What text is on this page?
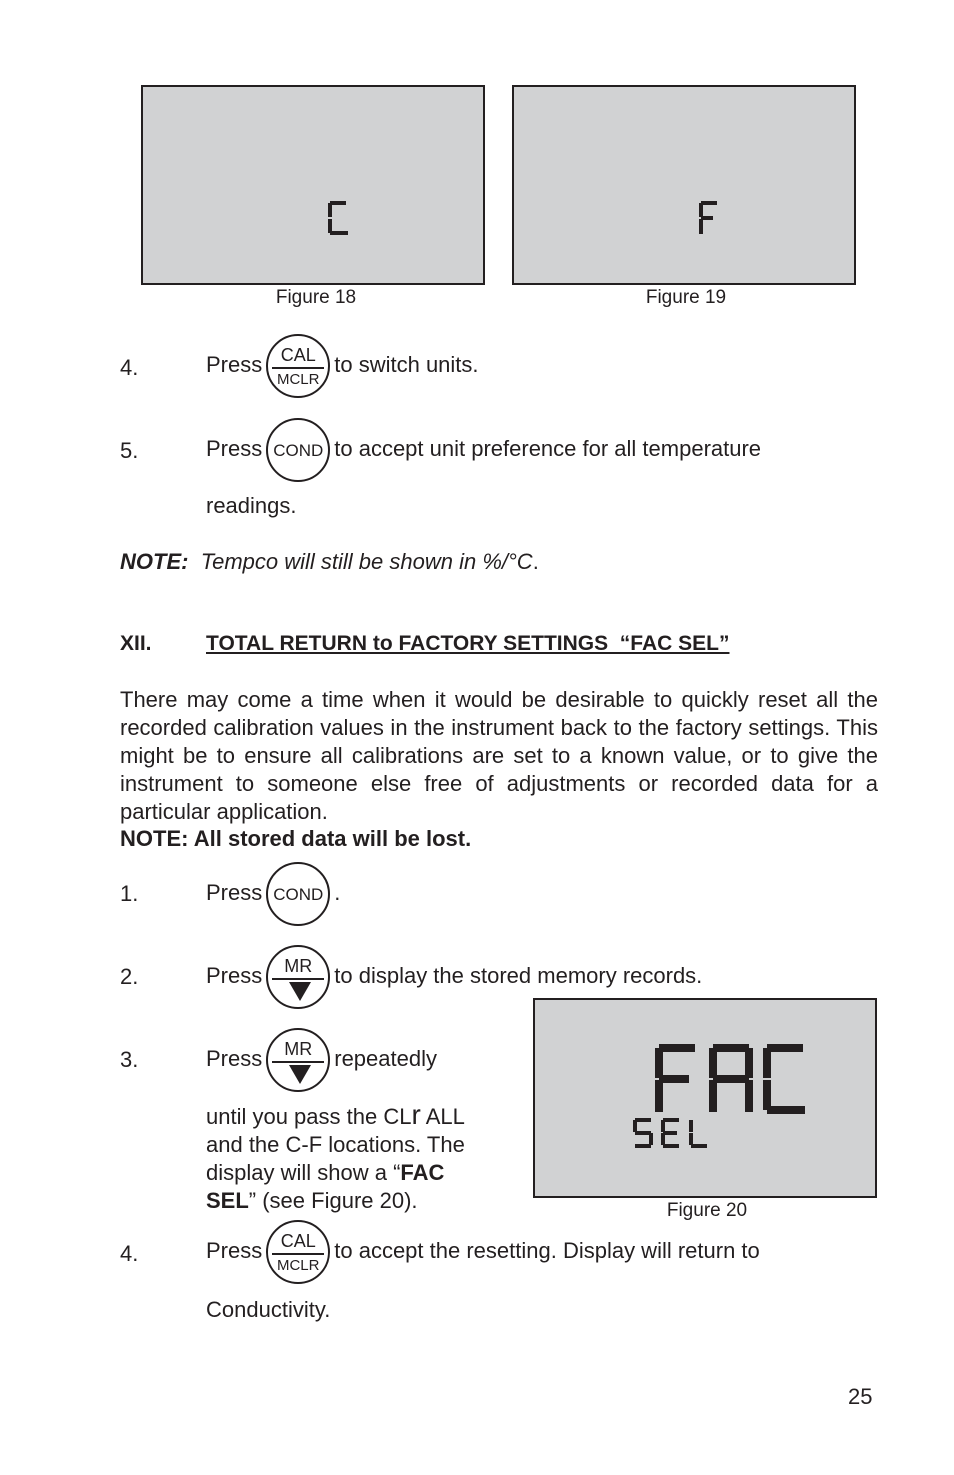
Figure 18	Figure 19
4.	Press	CAL
MCLR
to switch units.
5.	Press COND to accept unit preference for all temperature
readings.
NOTE: Tempco will still be shown in %/°C.
XII.	TOTAL RETURN to FACTORY SETTINGS  “FAC SEL”
There may come a time when it would be desirable to quickly reset all the recorded calibration values in the instrument back to the factory settings. This might be to ensure all calibrations are set to a known value, or to give the instrument to someone else free of adjustments or recorded data for a particular application.
NOTE: All stored data will be lost.
1.	Press COND .
2.	Press	MR	to display the stored memory records.
3.	Press	MR	repeatedly
until you pass the CLr ALL
and the C-F locations. The
display will show a “FAC
SEL” (see Figure 20).	Figure 20
4.	Press	CAL
MCLR
to accept the resetting. Display will return to
Conductivity.
25
